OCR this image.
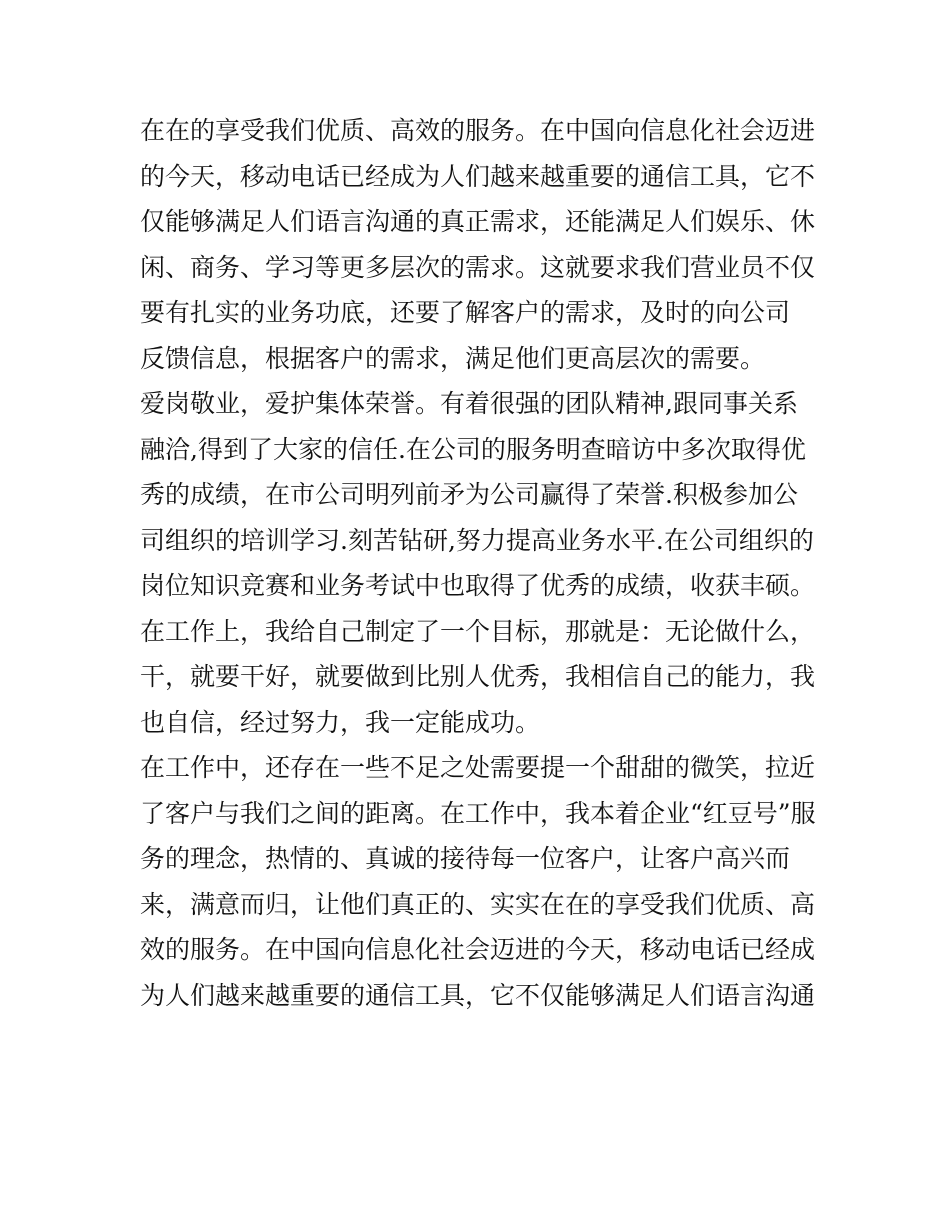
在在的享受我们优质、高效的服务。在中国向信息化社会迈进
的今天，移动电话已经成为人们越来越重要的通信工具，它不
仅能够满足人们语言沟通的真正需求，还能满足人们娱乐、休
闲、商务、学习等更多层次的需求。这就要求我们营业员不仅
要有扎实的业务功底，还要了解客户的需求，及时的向公司
反馈信息，根据客户的需求，满足他们更高层次的需要。
爱岗敬业，爱护集体荣誉。有着很强的团队精神,跟同事关系
融洽,得到了大家的信任.在公司的服务明查暗访中多次取得优
秀的成绩，在市公司明列前矛为公司赢得了荣誉.积极参加公
司组织的培训学习.刻苦钻研,努力提高业务水平.在公司组织的
岗位知识竞赛和业务考试中也取得了优秀的成绩，收获丰硕。
在工作上，我给自己制定了一个目标，那就是：无论做什么，
干，就要干好，就要做到比别人优秀，我相信自己的能力，我
也自信，经过努力，我一定能成功。
在工作中，还存在一些不足之处需要提一个甜甜的微笑，拉近
了客户与我们之间的距离。在工作中，我本着企业“红豆号”服
务的理念，热情的、真诚的接待每一位客户，让客户高兴而
来，满意而归，让他们真正的、实实在在的享受我们优质、高
效的服务。在中国向信息化社会迈进的今天，移动电话已经成
为人们越来越重要的通信工具，它不仅能够满足人们语言沟通
